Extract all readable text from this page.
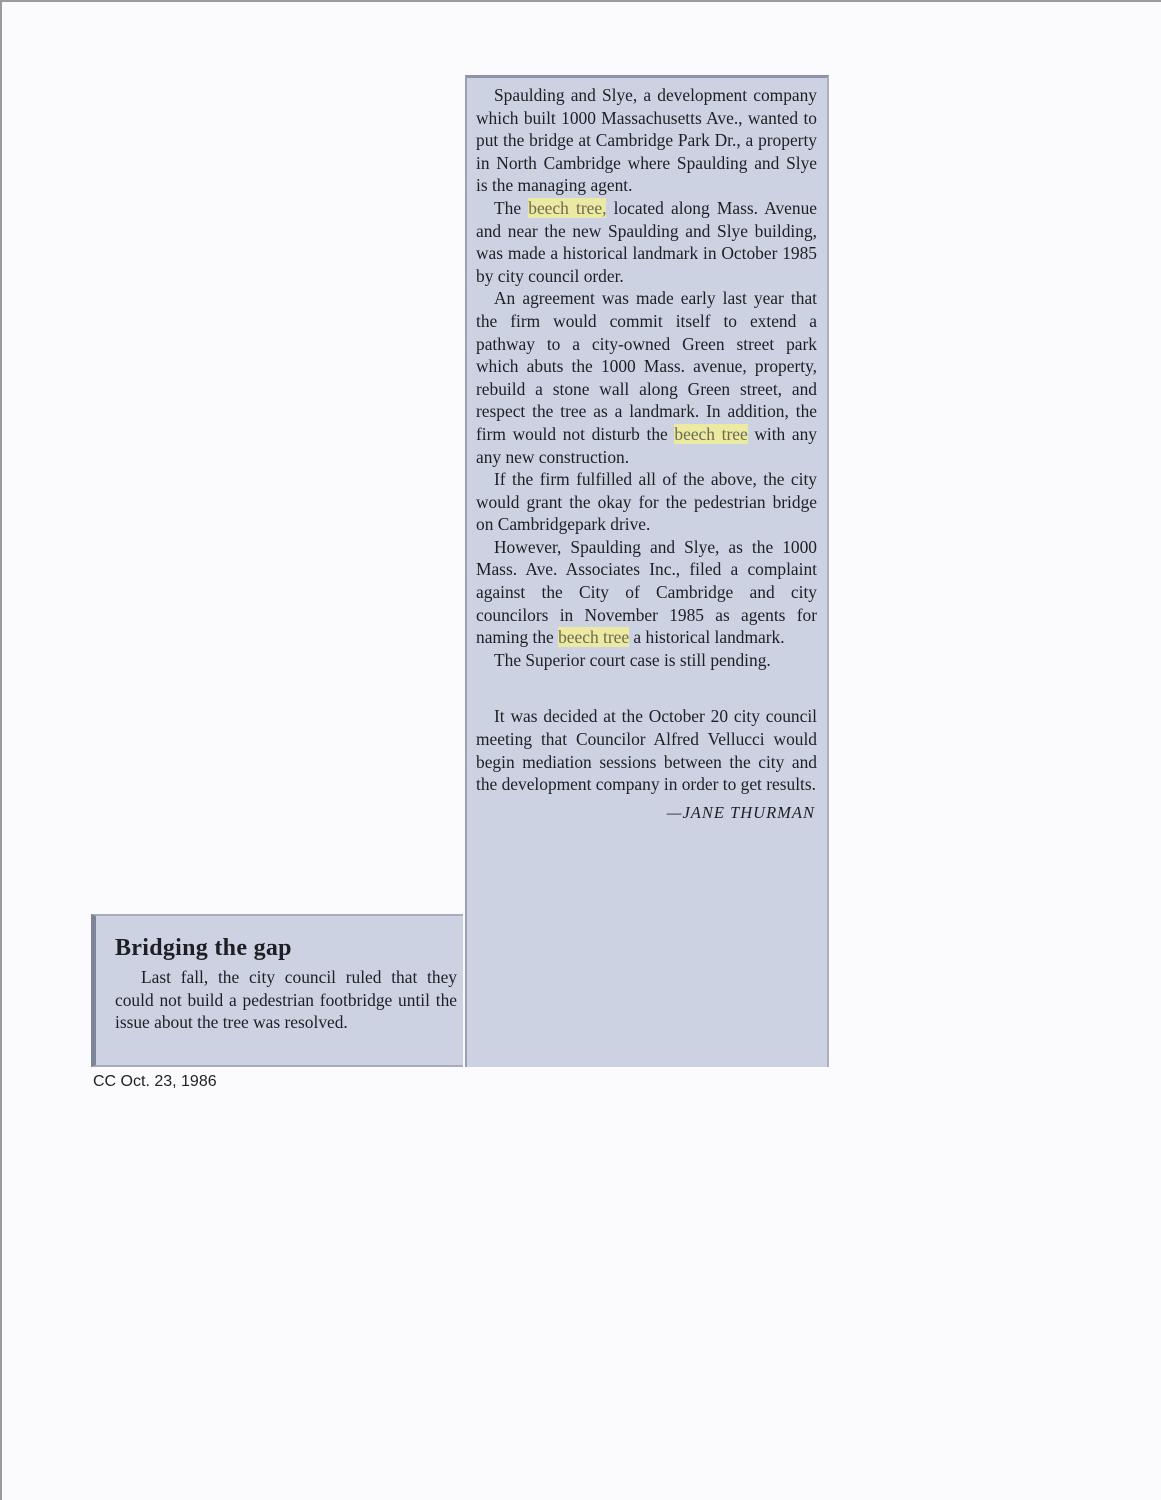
Spaulding and Slye, a development company which built 1000 Massachusetts Ave., wanted to put the bridge at Cambridge Park Dr., a property in North Cambridge where Spaulding and Slye is the managing agent.

The beech tree, located along Mass. Avenue and near the new Spaulding and Slye building, was made a historical landmark in October 1985 by city council order.

An agreement was made early last year that the firm would commit itself to extend a pathway to a city-owned Green street park which abuts the 1000 Mass. avenue, property, rebuild a stone wall along Green street, and respect the tree as a landmark. In addition, the firm would not disturb the beech tree with any any new construction.

If the firm fulfilled all of the above, the city would grant the okay for the pedestrian bridge on Cambridgepark drive.

However, Spaulding and Slye, as the 1000 Mass. Ave. Associates Inc., filed a complaint against the City of Cambridge and city councilors in November 1985 as agents for naming the beech tree a historical landmark.

The Superior court case is still pending.

It was decided at the October 20 city council meeting that Councilor Alfred Vellucci would begin mediation sessions between the city and the development company in order to get results.

—JANE THURMAN
Bridging the gap

Last fall, the city council ruled that they could not build a pedestrian footbridge until the issue about the tree was resolved.

CC Oct. 23, 1986
